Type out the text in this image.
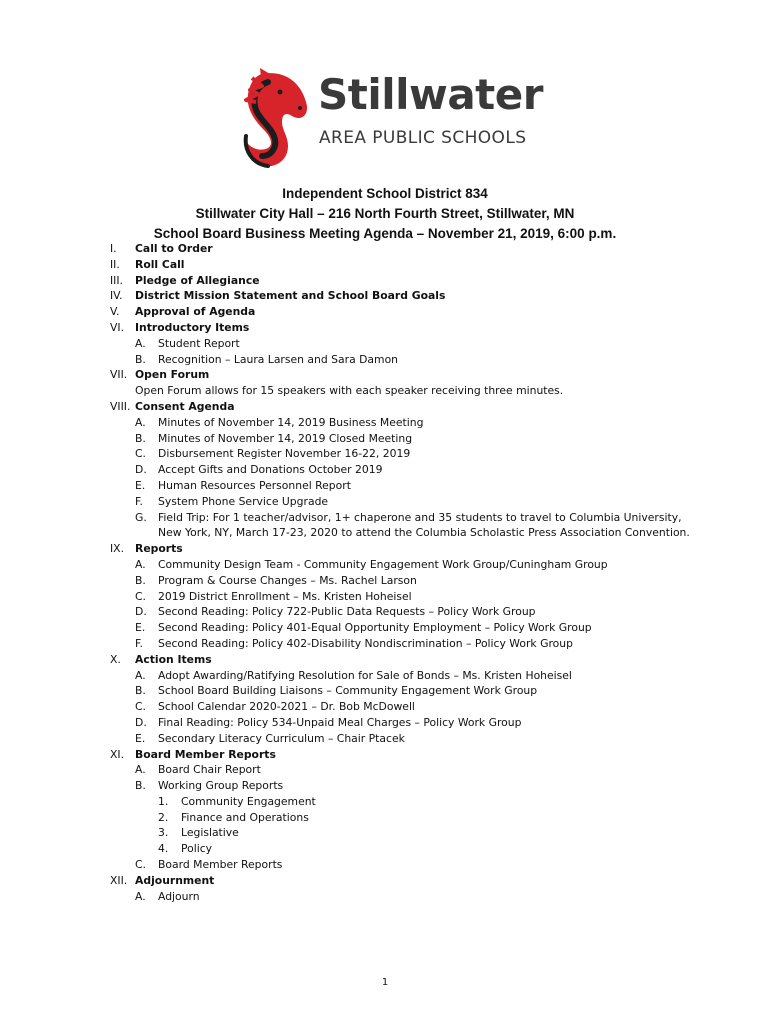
Stillwater
AREA PUBLIC SCHOOLS
Independent School District 834
Stillwater City Hall – 216 North Fourth Street, Stillwater, MN
School Board Business Meeting Agenda – November 21, 2019, 6:00 p.m.
I. Call to Order
II. Roll Call
III. Pledge of Allegiance
IV. District Mission Statement and School Board Goals
V. Approval of Agenda
VI. Introductory Items
A. Student Report
B. Recognition – Laura Larsen and Sara Damon
VII. Open Forum
Open Forum allows for 15 speakers with each speaker receiving three minutes.
VIII. Consent Agenda
A. Minutes of November 14, 2019 Business Meeting
B. Minutes of November 14, 2019 Closed Meeting
C. Disbursement Register November 16-22, 2019
D. Accept Gifts and Donations October 2019
E. Human Resources Personnel Report
F. System Phone Service Upgrade
G. Field Trip: For 1 teacher/advisor, 1+ chaperone and 35 students to travel to Columbia University,
New York, NY, March 17-23, 2020 to attend the Columbia Scholastic Press Association Convention.
IX. Reports
A. Community Design Team - Community Engagement Work Group/Cuningham Group
B. Program & Course Changes – Ms. Rachel Larson
C. 2019 District Enrollment – Ms. Kristen Hoheisel
D. Second Reading: Policy 722-Public Data Requests – Policy Work Group
E. Second Reading: Policy 401-Equal Opportunity Employment – Policy Work Group
F. Second Reading: Policy 402-Disability Nondiscrimination – Policy Work Group
X. Action Items
A. Adopt Awarding/Ratifying Resolution for Sale of Bonds – Ms. Kristen Hoheisel
B. School Board Building Liaisons – Community Engagement Work Group
C. School Calendar 2020-2021 – Dr. Bob McDowell
D. Final Reading: Policy 534-Unpaid Meal Charges – Policy Work Group
E. Secondary Literacy Curriculum – Chair Ptacek
XI. Board Member Reports
A. Board Chair Report
B. Working Group Reports
1. Community Engagement
2. Finance and Operations
3. Legislative
4. Policy
C. Board Member Reports
XII. Adjournment
A. Adjourn
1
